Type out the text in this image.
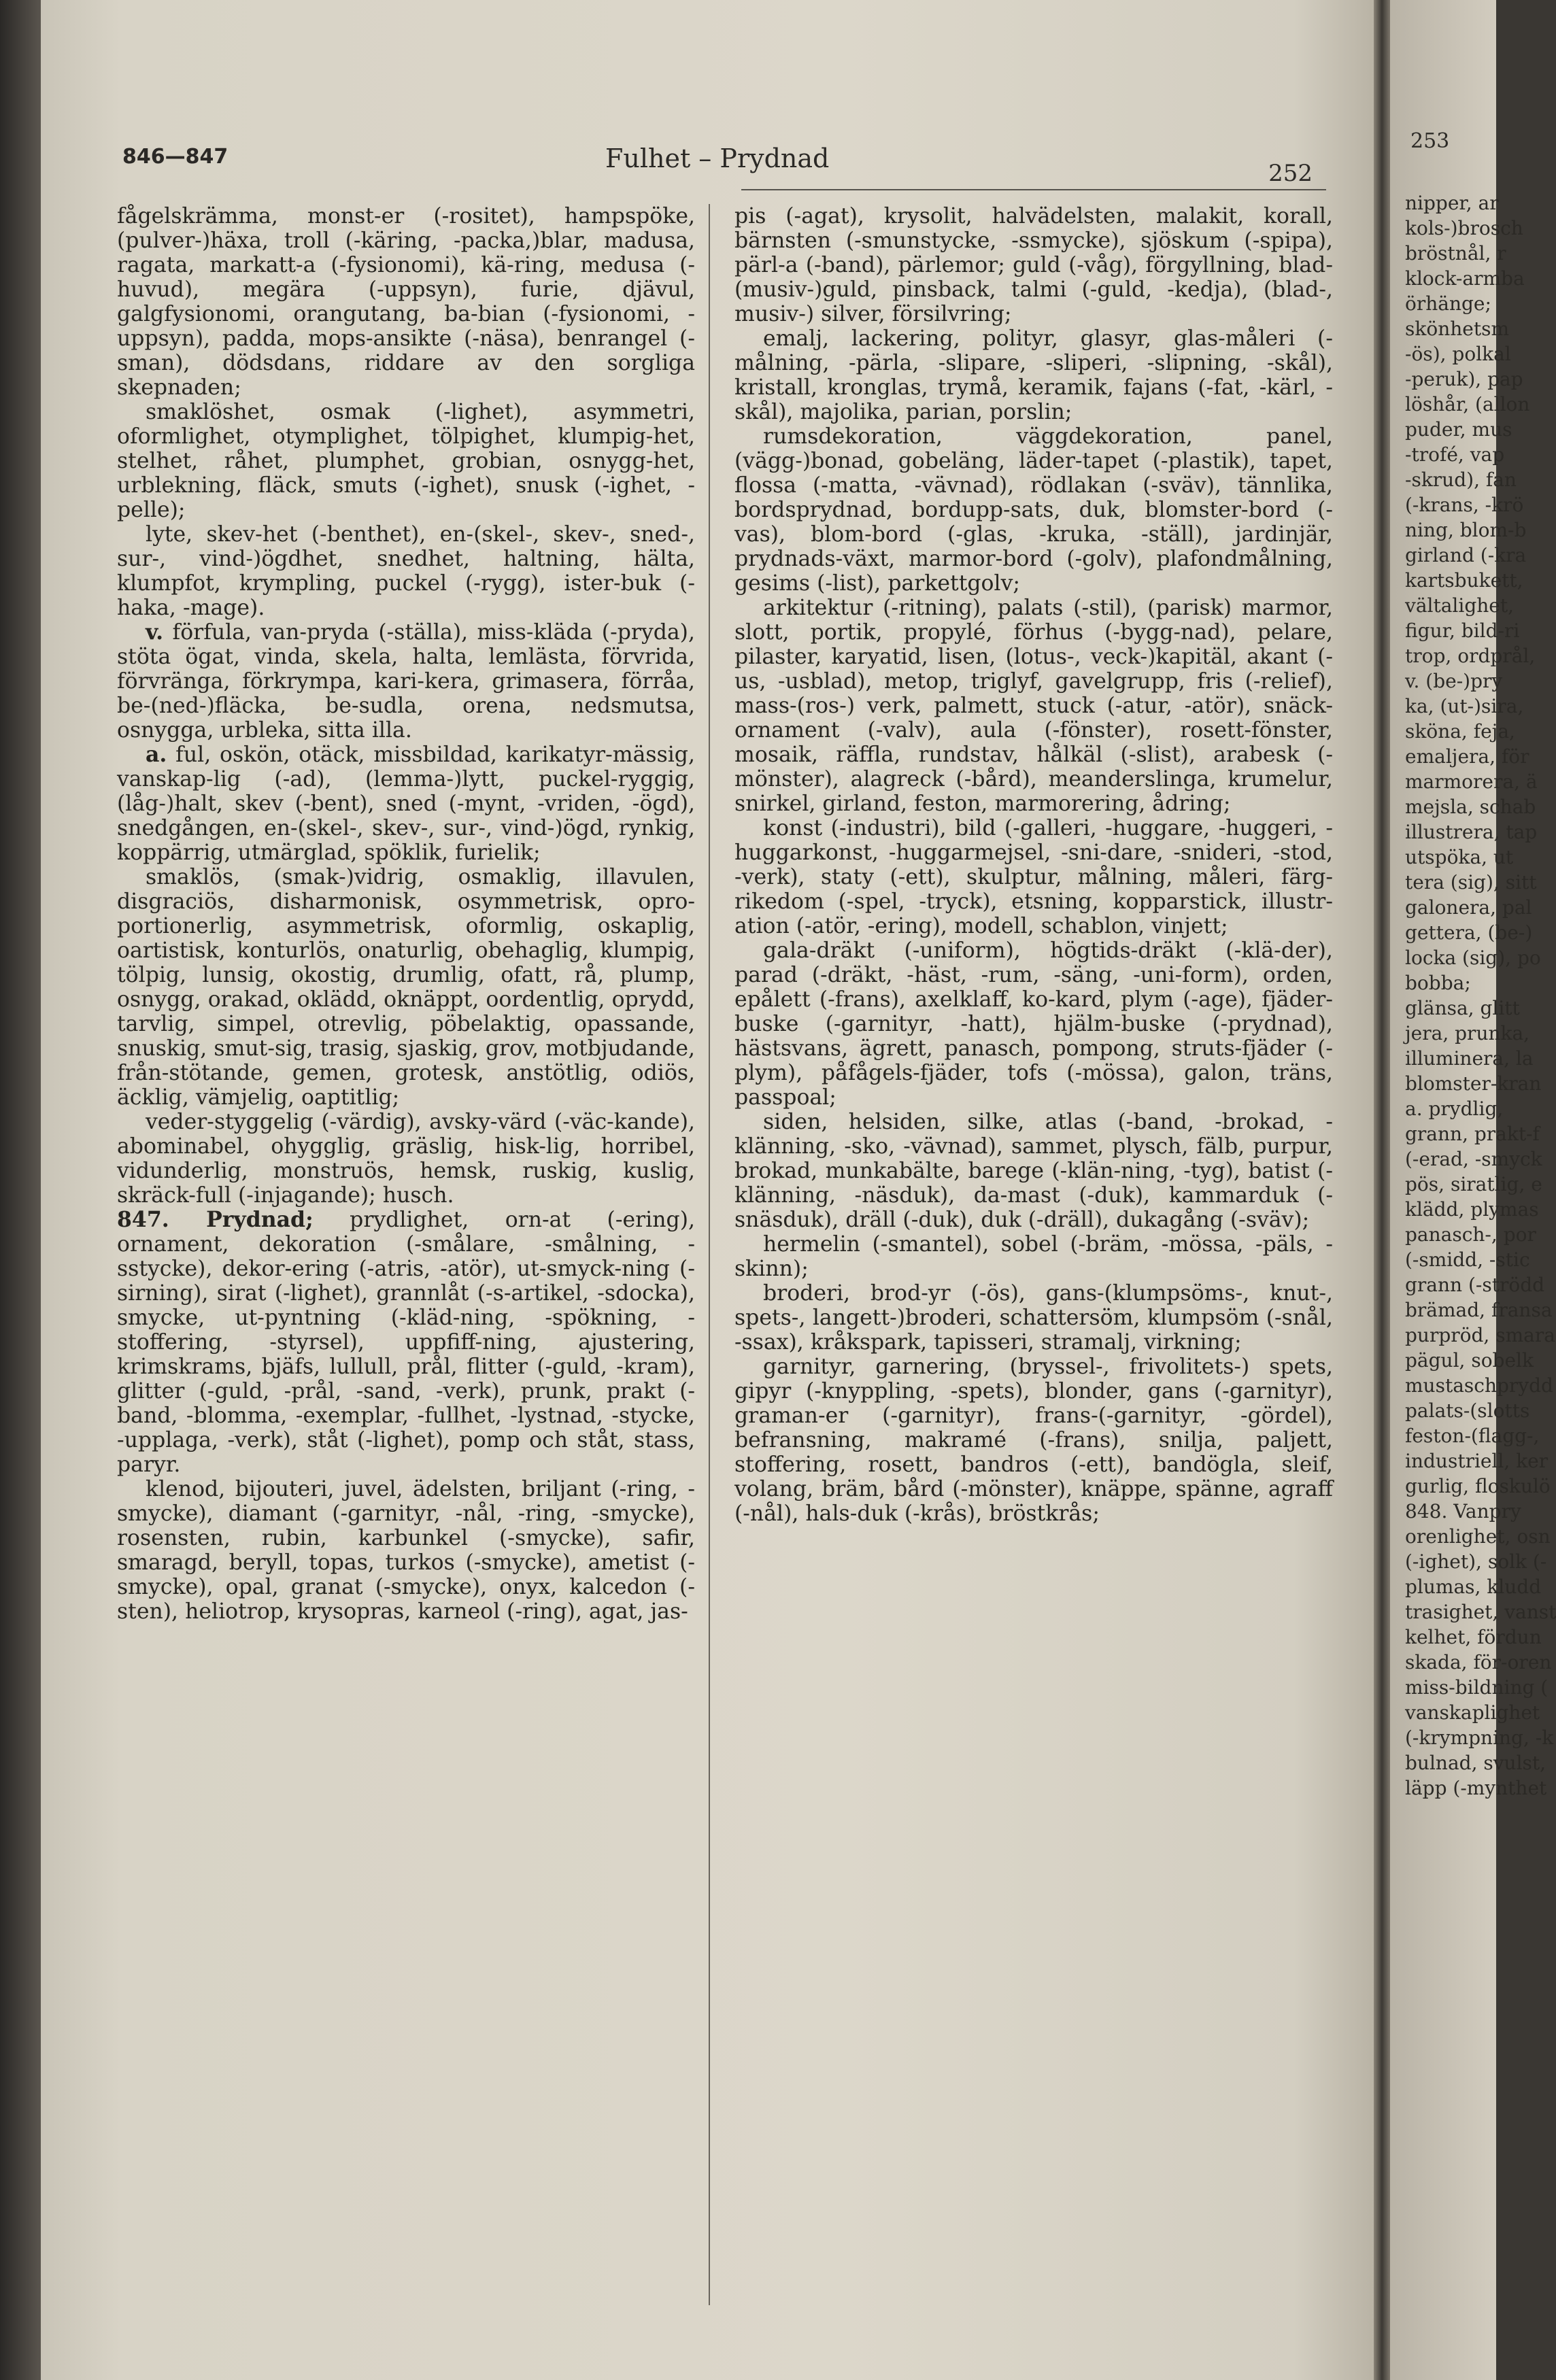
846—847	Fulhet – Prydnad	252

fågelskrämma, monst-er (-rositet), hampspöke, (pulver-)häxa, troll (-käring, -packa,)blar, madusa, ragata, markatt-a (-fysionomi), kä-ring, medusa (-huvud), megära (-uppsyn), furie, djävul, galgfysionomi, orangutang, ba-bian (-fysionomi, -uppsyn), padda, mops-ansikte (-näsa), benrangel (-sman), dödsdans, riddare av den sorgliga skepnaden;

smaklöshet, osmak (-lighet), asymmetri, oformlighet, otymplighet, tölpighet, klumpig-het, stelhet, råhet, plumphet, grobian, osnygg-het, urblekning, fläck, smuts (-ighet), snusk (-ighet, -pelle);

lyte, skev-het (-benthet), en-(skel-, skev-, sned-, sur-, vind-)ögdhet, snedhet, haltning, hälta, klumpfot, krympling, puckel (-rygg), ister-buk (-haka, -mage).

v. förfula, van-pryda (-ställa), miss-kläda (-pryda), stöta ögat, vinda, skela, halta, lemlästa, förvrida, förvränga, förkrympa, kari-kera, grimasera, förråa, be-(ned-)fläcka, be-sudla, orena, nedsmutsa, osnygga, urbleka, sitta illa.

a. ful, oskön, otäck, missbildad, karikatyr-mässig, vanskap-lig (-ad), (lemma-)lytt, puckel-ryggig, (låg-)halt, skev (-bent), sned (-mynt, -vriden, -ögd), snedgången, en-(skel-, skev-, sur-, vind-)ögd, rynkig, koppärrig, utmärglad, spöklik, furielik;

smaklös, (smak-)vidrig, osmaklig, illavulen, disgraciös, disharmonisk, osymmetrisk, opro-portionerlig, asymmetrisk, oformlig, oskaplig, oartistisk, konturlös, onaturlig, obehaglig, klumpig, tölpig, lunsig, okostig, drumlig, ofatt, rå, plump, osnygg, orakad, oklädd, oknäppt, oordentlig, oprydd, tarvlig, simpel, otrevlig, pöbelaktig, opassande, snuskig, smut-sig, trasig, sjaskig, grov, motbjudande, från-stötande, gemen, grotesk, anstötlig, odiös, äcklig, vämjelig, oaptitlig;

veder-styggelig (-värdig), avsky-värd (-väc-kande), abominabel, ohygglig, gräslig, hisk-lig, horribel, vidunderlig, monstruös, hemsk, ruskig, kuslig, skräck-full (-injagande); husch.

847. Prydnad; prydlighet, orn-at (-ering), ornament, dekoration (-smålare, -smålning, -sstycke), dekor-ering (-atris, -atör), ut-smyck-ning (-sirning), sirat (-lighet), grannlåt (-s-artikel, -sdocka), smycke, ut-pyntning (-kläd-ning, -spökning, -stoffering, -styrsel), uppfiff-ning, ajustering, krimskrams, bjäfs, lullull, prål, flitter (-guld, -kram), glitter (-guld, -prål, -sand, -verk), prunk, prakt (-band, -blomma, -exemplar, -fullhet, -lystnad, -stycke, -upplaga, -verk), ståt (-lighet), pomp och ståt, stass, paryr.

klenod, bijouteri, juvel, ädelsten, briljant (-ring, -smycke), diamant (-garnityr, -nål, -ring, -smycke), rosensten, rubin, karbunkel (-smycke), safir, smaragd, beryll, topas, turkos (-smycke), ametist (-smycke), opal, granat (-smycke), onyx, kalcedon (-sten), heliotrop, krysopras, karneol (-ring), agat, jas-

pis (-agat), krysolit, halvädelsten, malakit, korall, bärnsten (-smunstycke, -ssmycke), sjöskum (-spipa), pärl-a (-band), pärlemor; guld (-våg), förgyllning, blad-(musiv-)guld, pinsback, talmi (-guld, -kedja), (blad-, musiv-) silver, försilvring;

emalj, lackering, polityr, glasyr, glas-måleri (-målning, -pärla, -slipare, -sliperi, -slipning, -skål), kristall, kronglas, trymå, keramik, fajans (-fat, -kärl, -skål), majolika, parian, porslin;

rumsdekoration, väggdekoration, panel, (vägg-)bonad, gobeläng, läder-tapet (-plastik), tapet, flossa (-matta, -vävnad), rödlakan (-sväv), tännlika, bordsprydnad, bordupp-sats, duk, blomster-bord (-vas), blom-bord (-glas, -kruka, -ställ), jardinjär, prydnads-växt, marmor-bord (-golv), plafondmålning, gesims (-list), parkettgolv;

arkitektur (-ritning), palats (-stil), (parisk) marmor, slott, portik, propylé, förhus (-bygg-nad), pelare, pilaster, karyatid, lisen, (lotus-, veck-)kapitäl, akant (-us, -usblad), metop, triglyf, gavelgrupp, fris (-relief), mass-(ros-) verk, palmett, stuck (-atur, -atör), snäck-ornament (-valv), aula (-fönster), rosett-fönster, mosaik, räffla, rundstav, hålkäl (-slist), arabesk (-mönster), alagreck (-bård), meanderslinga, krumelur, snirkel, girland, feston, marmorering, ådring;

konst (-industri), bild (-galleri, -huggare, -huggeri, -huggarkonst, -huggarmejsel, -sni-dare, -sniderі, -stod, -verk), staty (-ett), skulptur, målning, måleri, färg-rikedom (-spel, -tryck), etsning, kopparstick, illustr-ation (-atör, -ering), modell, schablon, vinjett;

gala-dräkt (-uniform), högtids-dräkt (-klä-der), parad (-dräkt, -häst, -rum, -säng, -uni-form), orden, epålett (-frans), axelklaff, ko-kard, plym (-age), fjäder-buske (-garnityr, -hatt), hjälm-buske (-prydnad), hästsvans, ägrett, panasch, pompong, struts-fjäder (-plym), påfågels-fjäder, tofs (-mössa), galon, träns, passpoal;

siden, helsiden, silke, atlas (-band, -brokad, -klänning, -sko, -vävnad), sammet, plysch, fälb, purpur, brokad, munkabälte, barege (-klän-ning, -tyg), batist (-klänning, -näsduk), da-mast (-duk), kammarduk (-snäsduk), dräll (-duk), duk (-dräll), dukagång (-sväv);

hermelin (-smantel), sobel (-bräm, -mössa, -päls, -skinn);

broderi, brod-yr (-ös), gans-(klumpsöms-, knut-, spets-, langett-)broderi, schattersöm, klumpsöm (-snål, -ssax), kråkspark, tapisseri, stramalj, virkning;

garnityr, garnering, (bryssel-, frivolitets-) spets, gipyr (-knyppling, -spets), blonder, gans (-garnityr), graman-er (-garnityr), frans-(-garnityr, -gördel), befransning, makramé (-frans), snilja, paljett, stoffering, rosett, bandros (-ett), bandögla, sleif, volang, bräm, bård (-mönster), knäppe, spänne, agraff (-nål), hals-duk (-krås), bröstkrås;

253
nipper, ar
kols-)brosch
bröstnål, r
klock-armba
örhänge;
skönhetsm
-ös), polkal
-peruk), pap
löshår, (allon
puder, mus
-trofé, vap
-skrud), fan
(-krans, -krö
ning, blom-b
girland (-kra
kartsbukett,
vältalighet,
figur, bild-ri
trop, ordprål,
v. (be-)pry
ka, (ut-)sira,
sköna, feja,
emaljera, för
marmorera, ä
mejsla, schab
illustrera, tap
utspöka, ut
tera (sig), sitt
galonera, pal
gettera, (be-)
locka (sig), po
bobba;
glänsa, glitt
jera, prunka,
illuminera, la
blomster-kran
a. prydlig,
grann, prakt-f
(-erad, -smyck
pös, siratlig, e
klädd, plymas
panasch-, por
(-smidd, -stic
grann (-strödd
brämad, fransa
purpröd, smara
pägul, sobelk
mustaschprydd
palats-(slotts
feston-(flagg-,
industriell, ker
gurlig, floskulö
848. Vanpry
orenlighet, osn
(-ighet), solk (-
plumas, kludd
trasighet, vanst
kelhet, fördun
skada, för-oren
miss-bildning (
vanskaplighet
(-krympning, -k
bulnad, svulst,
läpp (-mynthet
